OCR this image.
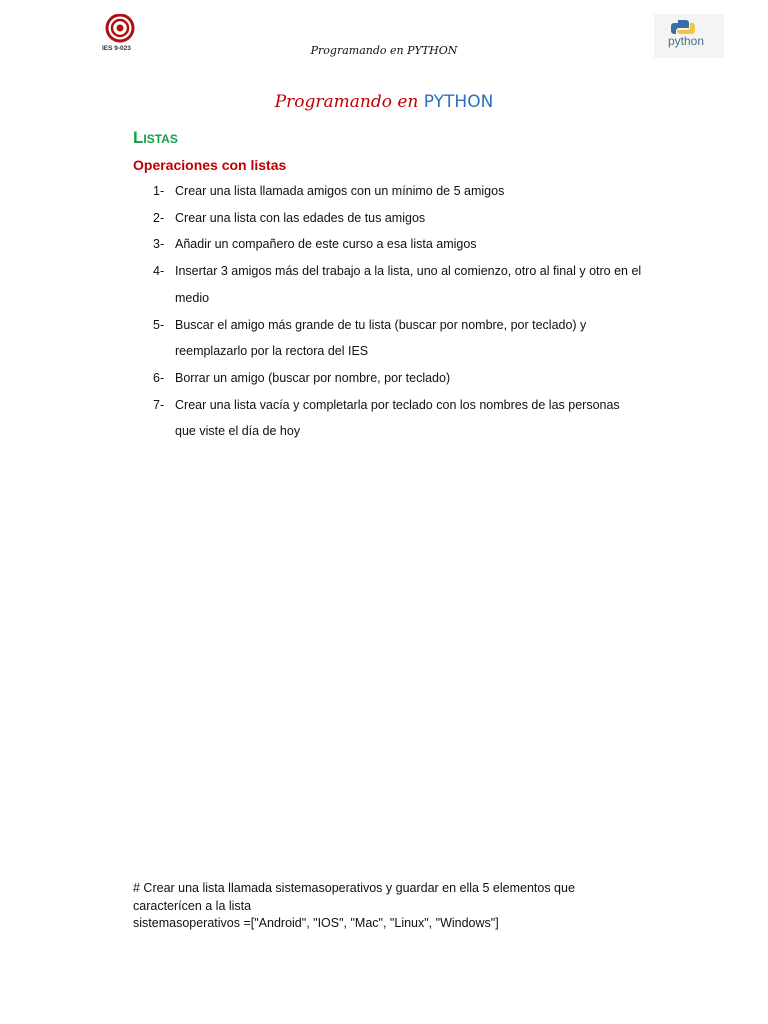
IES 9-023	Programando en PYTHON
python
Programando en PYTHON
Listas
Operaciones con listas
1- Crear una lista llamada amigos con un mínimo de 5 amigos
2- Crear una lista con las edades de tus amigos
3- Añadir un compañero de este curso a esa lista amigos
4- Insertar 3 amigos más del trabajo a la lista, uno al comienzo, otro al final y otro en el medio
5- Buscar el amigo más grande de tu lista (buscar por nombre, por teclado) y reemplazarlo por la rectora del IES
6- Borrar un amigo (buscar por nombre, por teclado)
7- Crear una lista vacía y completarla por teclado con los nombres de las personas que viste el día de hoy
# Crear una lista llamada sistemasoperativos y guardar en ella 5 elementos que caracterícen a la lista
sistemasoperativos =["Android", "IOS", "Mac", "Linux", "Windows"]
